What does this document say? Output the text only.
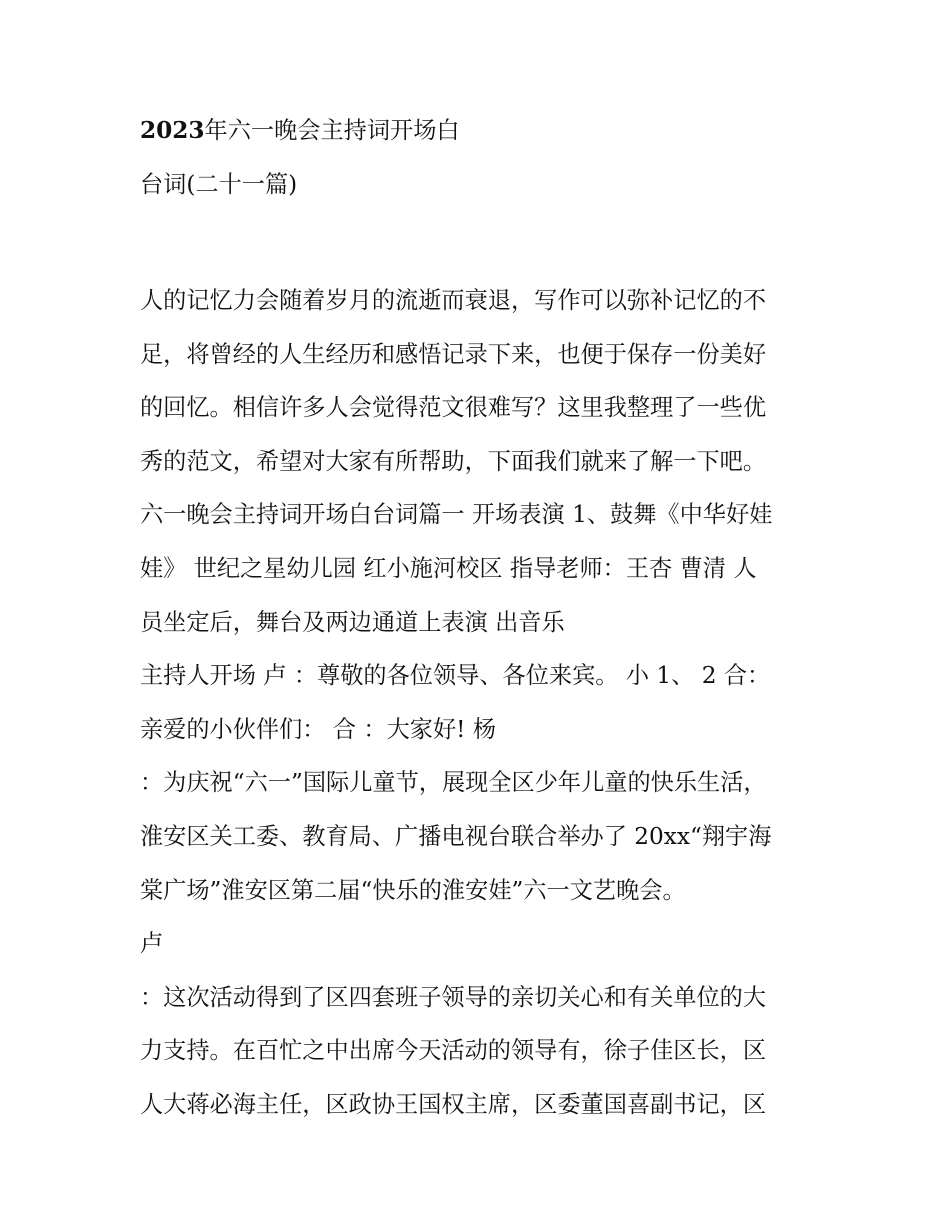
2023年六一晚会主持词开场白
台词(二十一篇)
人的记忆力会随着岁月的流逝而衰退，写作可以弥补记忆的不
足，将曾经的人生经历和感悟记录下来，也便于保存一份美好
的回忆。相信许多人会觉得范文很难写？这里我整理了一些优
秀的范文，希望对大家有所帮助，下面我们就来了解一下吧。
六一晚会主持词开场白台词篇一 开场表演 1、鼓舞《中华好娃
娃》 世纪之星幼儿园 红小施河校区 指导老师：王杏 曹清 人
员坐定后，舞台及两边通道上表演 出音乐
主持人开场 卢 ：尊敬的各位领导、各位来宾。 小 1、 2 合：
亲爱的小伙伴们： 合 ：大家好! 杨
：为庆祝“六一”国际儿童节，展现全区少年儿童的快乐生活，
淮安区关工委、教育局、广播电视台联合举办了 20xx“翔宇海
棠广场”淮安区第二届“快乐的淮安娃”六一文艺晚会。
卢
：这次活动得到了区四套班子领导的亲切关心和有关单位的大
力支持。在百忙之中出席今天活动的领导有，徐子佳区长，区
人大蒋必海主任，区政协王国权主席，区委董国喜副书记，区
